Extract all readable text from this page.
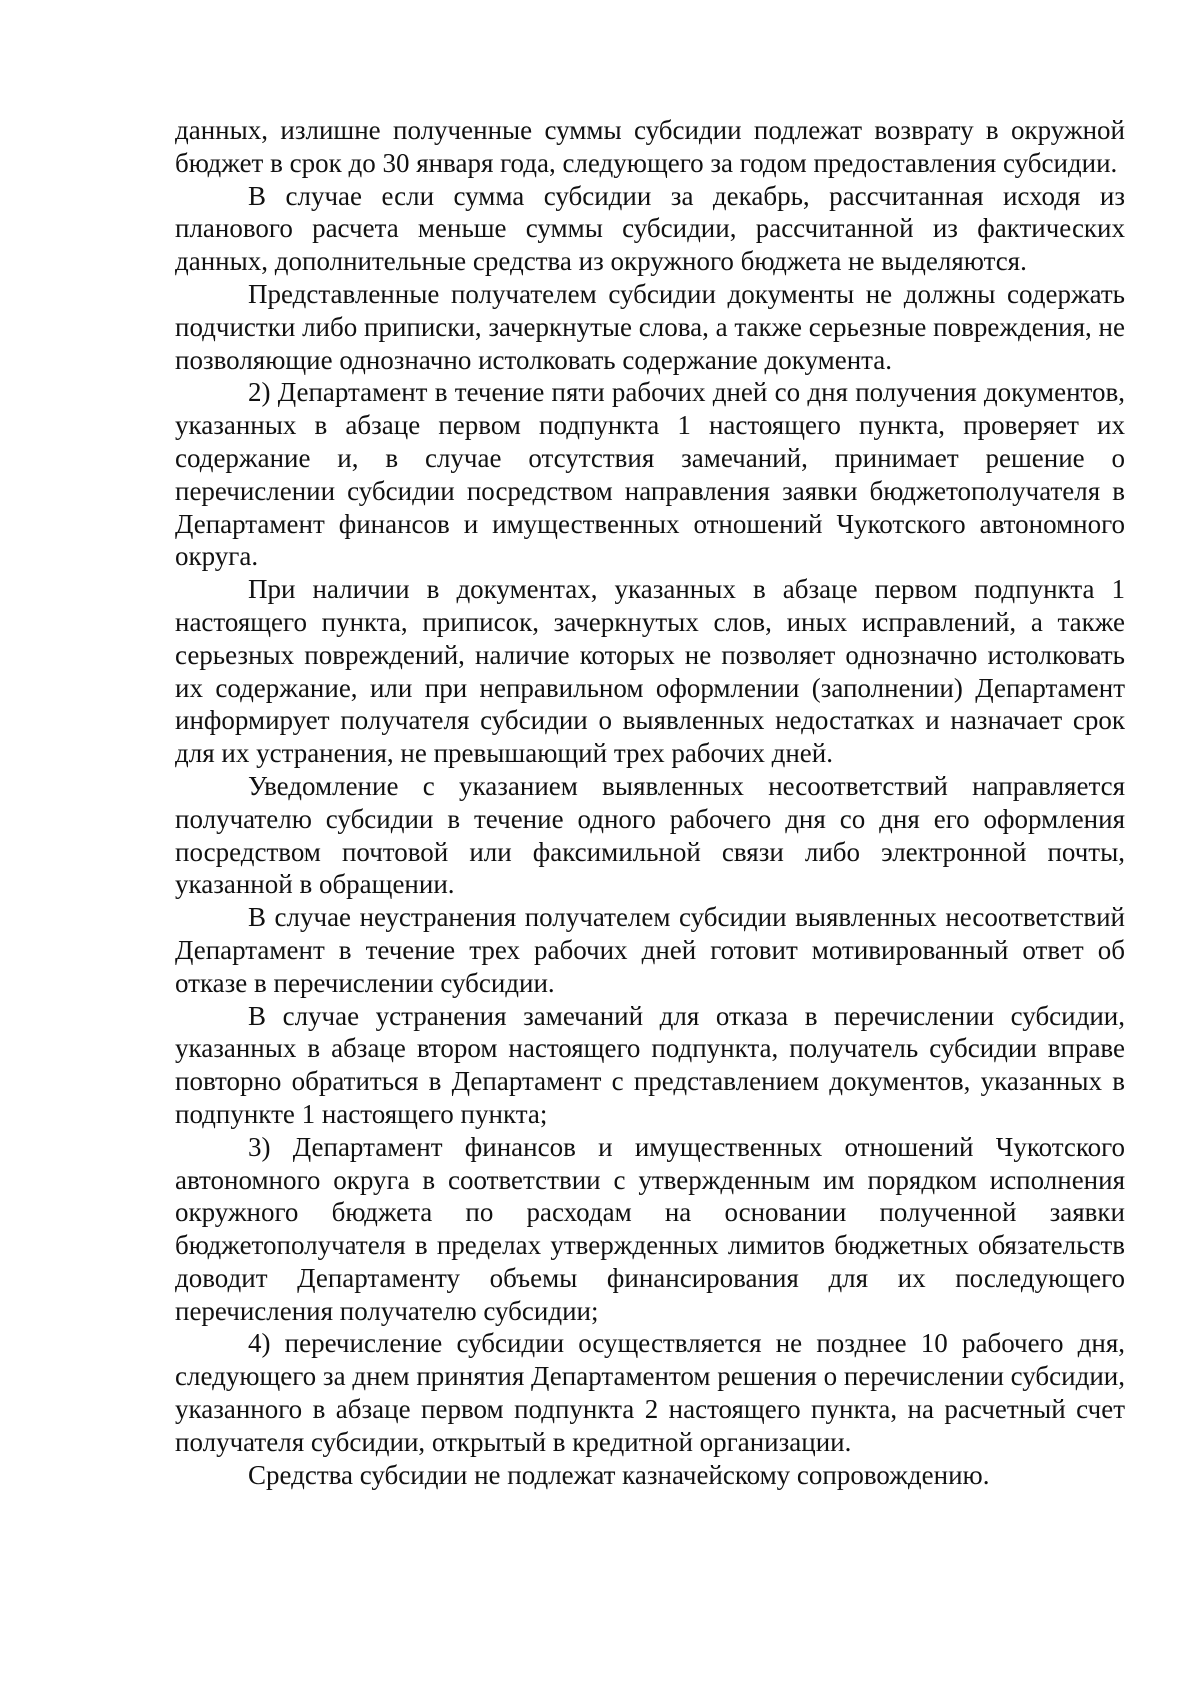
данных, излишне полученные суммы субсидии подлежат возврату в окружной бюджет в срок до 30 января года, следующего за годом предоставления субсидии.

В случае если сумма субсидии за декабрь, рассчитанная исходя из планового расчета меньше суммы субсидии, рассчитанной из фактических данных, дополнительные средства из окружного бюджета не выделяются.

Представленные получателем субсидии документы не должны содержать подчистки либо приписки, зачеркнутые слова, а также серьезные повреждения, не позволяющие однозначно истолковать содержание документа.

2) Департамент в течение пяти рабочих дней со дня получения документов, указанных в абзаце первом подпункта 1 настоящего пункта, проверяет их содержание и, в случае отсутствия замечаний, принимает решение о перечислении субсидии посредством направления заявки бюджетополучателя в Департамент финансов и имущественных отношений Чукотского автономного округа.

При наличии в документах, указанных в абзаце первом подпункта 1 настоящего пункта, приписок, зачеркнутых слов, иных исправлений, а также серьезных повреждений, наличие которых не позволяет однозначно истолковать их содержание, или при неправильном оформлении (заполнении) Департамент информирует получателя субсидии о выявленных недостатках и назначает срок для их устранения, не превышающий трех рабочих дней.

Уведомление с указанием выявленных несоответствий направляется получателю субсидии в течение одного рабочего дня со дня его оформления посредством почтовой или факсимильной связи либо электронной почты, указанной в обращении.

В случае неустранения получателем субсидии выявленных несоответствий Департамент в течение трех рабочих дней готовит мотивированный ответ об отказе в перечислении субсидии.

В случае устранения замечаний для отказа в перечислении субсидии, указанных в абзаце втором настоящего подпункта, получатель субсидии вправе повторно обратиться в Департамент с представлением документов, указанных в подпункте 1 настоящего пункта;

3) Департамент финансов и имущественных отношений Чукотского автономного округа в соответствии с утвержденным им порядком исполнения окружного бюджета по расходам на основании полученной заявки бюджетополучателя в пределах утвержденных лимитов бюджетных обязательств доводит Департаменту объемы финансирования для их последующего перечисления получателю субсидии;

4) перечисление субсидии осуществляется не позднее 10 рабочего дня, следующего за днем принятия Департаментом решения о перечислении субсидии, указанного в абзаце первом подпункта 2 настоящего пункта, на расчетный счет получателя субсидии, открытый в кредитной организации.

Средства субсидии не подлежат казначейскому сопровождению.
